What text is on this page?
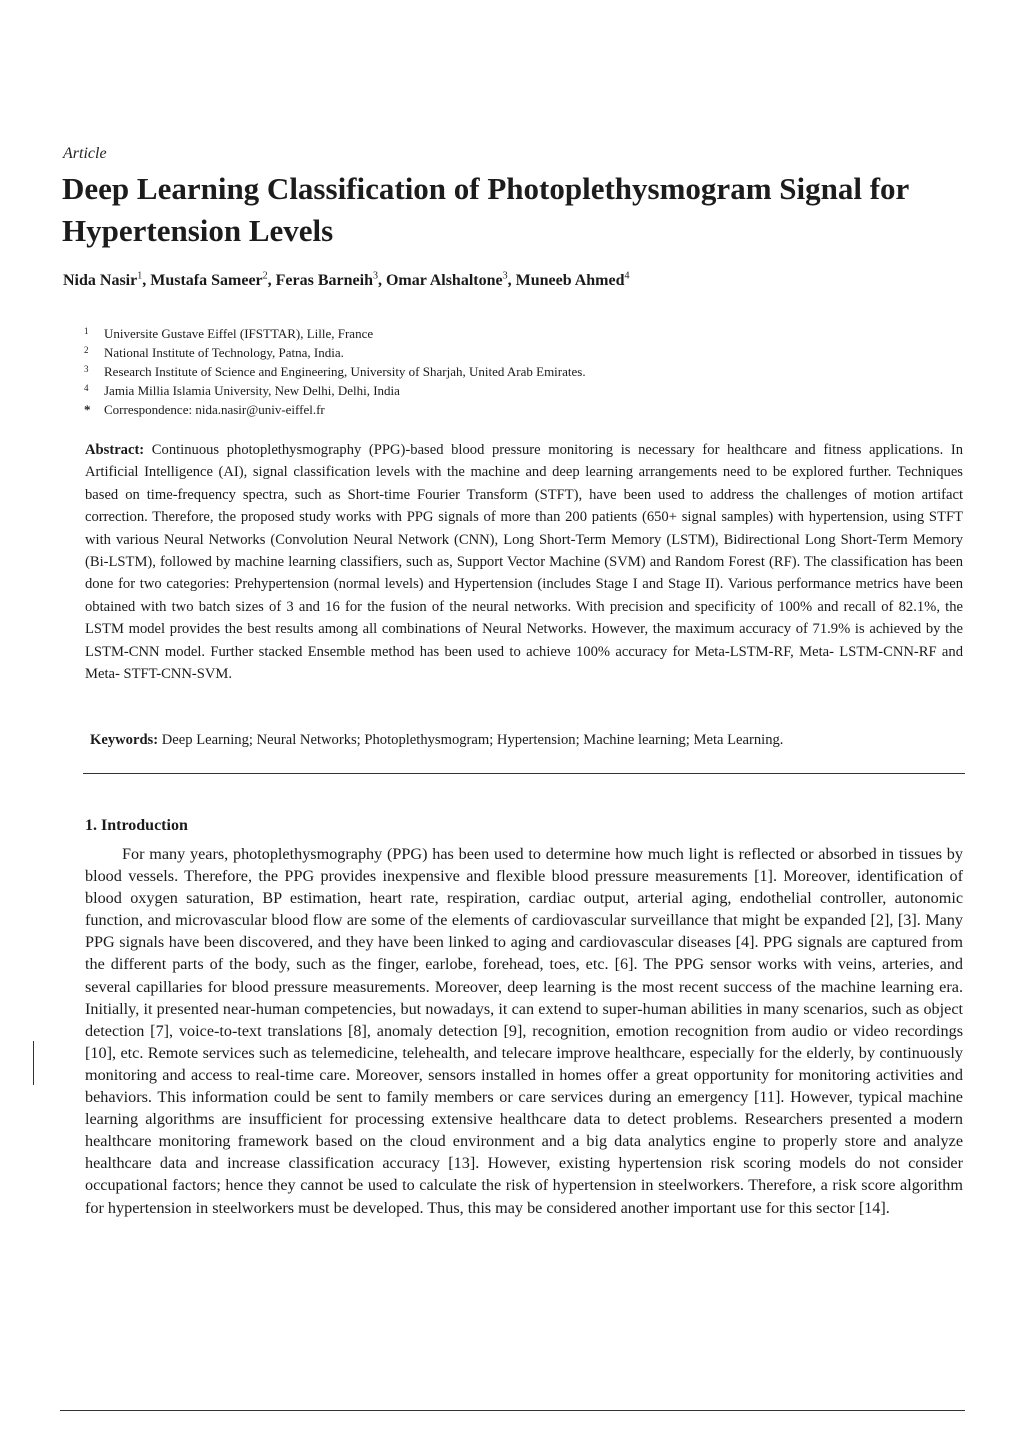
Article
Deep Learning Classification of Photoplethysmogram Signal for Hypertension Levels
Nida Nasir$^1$, Mustafa Sameer$^2$, Feras Barneih$^3$, Omar Alshaltone$^3$, Muneeb Ahmed$^4$
1	Universite Gustave Eiffel (IFSTTAR), Lille, France
2	National Institute of Technology, Patna, India.
3	Research Institute of Science and Engineering, University of Sharjah, United Arab Emirates.
4	Jamia Millia Islamia University, New Delhi, Delhi, India
*	Correspondence: nida.nasir@univ-eiffel.fr

Abstract: Continuous photoplethysmography (PPG)-based blood pressure monitoring is necessary for healthcare and fitness applications. In Artificial Intelligence (AI), signal classification levels with the machine and deep learning arrangements need to be explored further. Techniques based on time-frequency spectra, such as Short-time Fourier Transform (STFT), have been used to address the challenges of motion artifact correction. Therefore, the proposed study works with PPG signals of more than 200 patients (650+ signal samples) with hypertension, using STFT with various Neural Networks (Convolution Neural Network (CNN), Long Short-Term Memory (LSTM), Bidirectional Long Short-Term Memory (Bi-LSTM), followed by machine learning classifiers, such as, Support Vector Machine (SVM) and Random Forest (RF). The classification has been done for two categories: Prehypertension (normal levels) and Hypertension (includes Stage I and Stage II). Various performance metrics have been obtained with two batch sizes of 3 and 16 for the fusion of the neural networks. With precision and specificity of 100% and recall of 82.1%, the LSTM model provides the best results among all combinations of Neural Networks. However, the maximum accuracy of 71.9% is achieved by the LSTM-CNN model. Further stacked Ensemble method has been used to achieve 100% accuracy for Meta-LSTM-RF, Meta- LSTM-CNN-RF and Meta- STFT-CNN-SVM.

Keywords: Deep Learning; Neural Networks; Photoplethysmogram; Hypertension; Machine learning; Meta Learning.
1. Introduction

For many years, photoplethysmography (PPG) has been used to determine how much light is reflected or absorbed in tissues by blood vessels. Therefore, the PPG provides inexpensive and flexible blood pressure measurements [1]. Moreover, identification of blood oxygen saturation, BP estimation, heart rate, respiration, cardiac output, arterial aging, endothelial controller, autonomic function, and microvascular blood flow are some of the elements of cardiovascular surveillance that might be expanded [2], [3]. Many PPG signals have been discovered, and they have been linked to aging and cardiovascular diseases [4]. PPG signals are captured from the different parts of the body, such as the finger, earlobe, forehead, toes, etc. [6]. The PPG sensor works with veins, arteries, and several capillaries for blood pressure measurements. Moreover, deep learning is the most recent success of the machine learning era. Initially, it presented near-human competencies, but nowadays, it can extend to super-human abilities in many scenarios, such as object detection [7], voice-to-text translations [8], anomaly detection [9], recognition, emotion recognition from audio or video recordings [10], etc. Remote services such as telemedicine, telehealth, and telecare improve healthcare, especially for the elderly, by continuously monitoring and access to real-time care. Moreover, sensors installed in homes offer a great opportunity for monitoring activities and behaviors. This information could be sent to family members or care services during an emergency [11]. However, typical machine learning algorithms are insufficient for processing extensive healthcare data to detect problems. Researchers presented a modern healthcare monitoring framework based on the cloud environment and a big data analytics engine to properly store and analyze healthcare data and increase classification accuracy [13]. However, existing hypertension risk scoring models do not consider occupational factors; hence they cannot be used to calculate the risk of hypertension in steelworkers. Therefore, a risk score algorithm for hypertension in steelworkers must be developed. Thus, this may be considered another important use for this sector [14].
